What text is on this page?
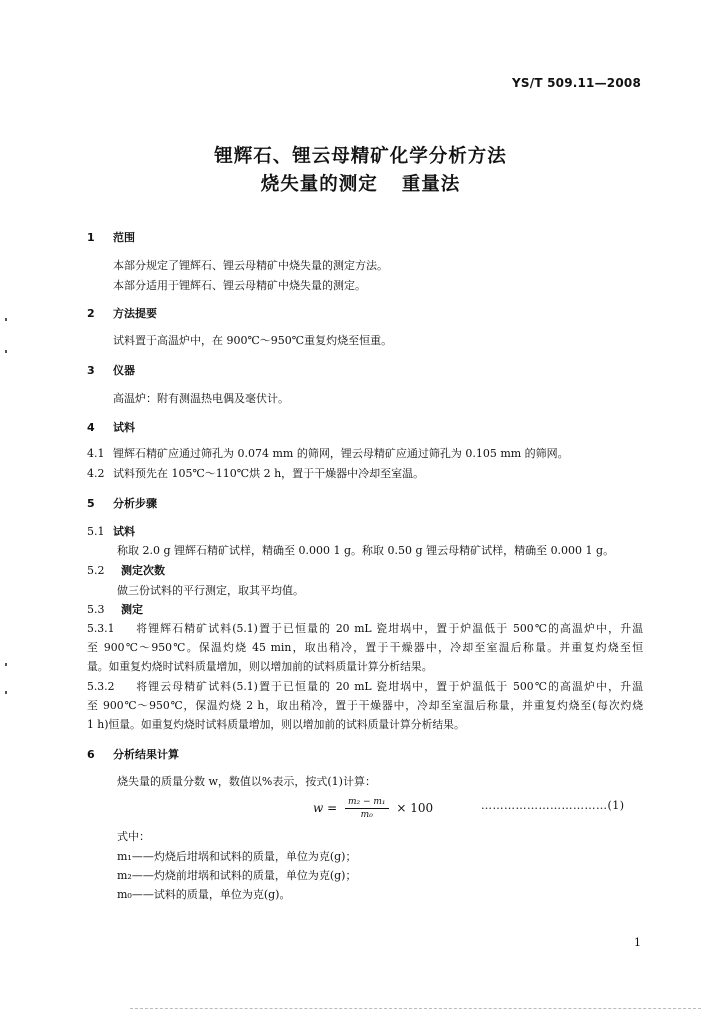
YS/T 509.11—2008
锂辉石、锂云母精矿化学分析方法
烧失量的测定 重量法
1 范围
本部分规定了锂辉石、锂云母精矿中烧失量的测定方法。
本部分适用于锂辉石、锂云母精矿中烧失量的测定。
2 方法提要
试料置于高温炉中，在 900℃～950℃重复灼烧至恒重。
3 仪器
高温炉：附有测温热电偶及毫伏计。
4 试料
4.1 锂辉石精矿应通过筛孔为 0.074 mm 的筛网，锂云母精矿应通过筛孔为 0.105 mm 的筛网。
4.2 试料预先在 105℃～110℃烘 2 h，置于干燥器中冷却至室温。
5 分析步骤
5.1 试料
称取 2.0 g 锂辉石精矿试样，精确至 0.000 1 g。称取 0.50 g 锂云母精矿试样，精确至 0.000 1 g。
5.2 测定次数
做三份试料的平行测定，取其平均值。
5.3 测定
5.3.1 将锂辉石精矿试料(5.1)置于已恒量的 20 mL 瓷坩埚中，置于炉温低于 500℃的高温炉中，升温
至 900℃～950℃。保温灼烧 45 min，取出稍冷，置于干燥器中，冷却至室温后称量。并重复灼烧至恒
量。如重复灼烧时试料质量增加，则以增加前的试料质量计算分析结果。
5.3.2 将锂云母精矿试料(5.1)置于已恒量的 20 mL 瓷坩埚中，置于炉温低于 500℃的高温炉中，升温
至 900℃～950℃，保温灼烧 2 h，取出稍冷，置于干燥器中，冷却至室温后称量，并重复灼烧至(每次灼烧
1 h)恒量。如重复灼烧时试料质量增加，则以增加前的试料质量计算分析结果。
6 分析结果计算
烧失量的质量分数 w，数值以%表示，按式(1)计算：
$w = \frac{\text{m₂ − m₁}}{\text{m₀}} \times 100$	……………………………(1)
式中：
m₁——灼烧后坩埚和试料的质量，单位为克(g)；
m₂——灼烧前坩埚和试料的质量，单位为克(g)；
m₀——试料的质量，单位为克(g)。
1
